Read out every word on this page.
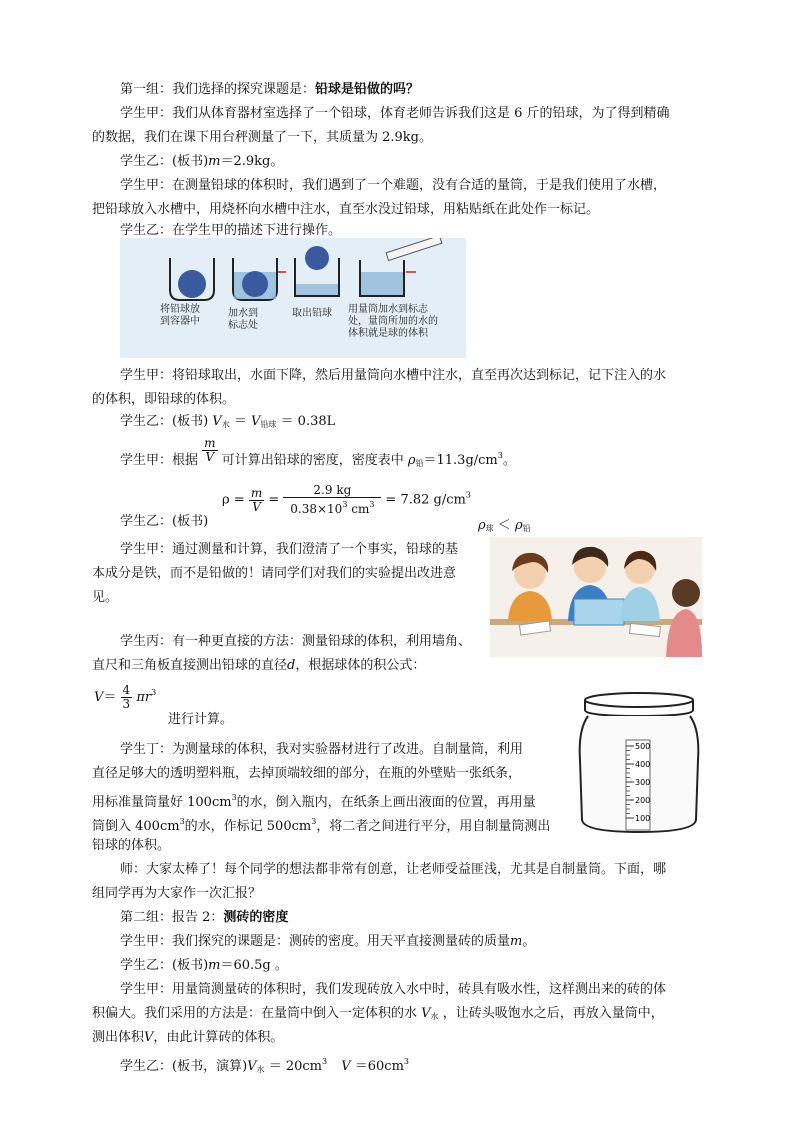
第一组：我们选择的探究课题是：铅球是铅做的吗？
学生甲：我们从体育器材室选择了一个铅球，体育老师告诉我们这是 6 斤的铅球，为了得到精确
的数据，我们在课下用台秤测量了一下，其质量为 2.9kg。
学生乙：(板书)m＝2.9kg。
学生甲：在测量铅球的体积时，我们遇到了一个难题，没有合适的量筒，于是我们使用了水槽，
把铅球放入水槽中，用烧杯向水槽中注水，直至水没过铅球，用粘贴纸在此处作一标记。
学生乙：在学生甲的描述下进行操作。
将铅球放
到容器中
加水到
标志处
取出铅球 用量筒加水到标志
处，量筒所加的水的
体积就是球的体积
学生甲：将铅球取出，水面下降，然后用量筒向水槽中注水，直至再次达到标记，记下注入的水
的体积，即铅球的体积。
学生乙：(板书) $V_水 = V_{铅球} = 0.38L$
学生甲：根据 $\frac{m}{V}$ 可计算出铅球的密度，密度表中 $\rho_铅=11.3g/cm^3$。
$\rho = \frac{m}{V} = \frac{2.9 kg}{0.38\times 10^3 cm^3} = 7.82$ $g/cm^3$
学生乙：(板书)	$\rho_球 < \rho_铅$
学生甲：通过测量和计算，我们澄清了一个事实，铅球的基
本成分是铁，而不是铅做的！请同学们对我们的实验提出改进意
见。
学生丙：有一种更直接的方法：测量铅球的体积，利用墙角、
直尺和三角板直接测出铅球的直径d，根据球体的积公式：
$V= \frac{4}{3} \pi r^3$
进行计算。
500
400
300
200
100
学生丁：为测量球的体积，我对实验器材进行了改进。自制量筒，利用
直径足够大的透明塑料瓶，去掉顶端较细的部分，在瓶的外壁贴一张纸条，
用标准量筒量好 $100cm^3$的水，倒入瓶内，在纸条上画出液面的位置，再用量
筒倒入 $400cm^3$的水，作标记 $500cm^3$，将二者之间进行平分，用自制量筒测出
铅球的体积。
师：大家太棒了！每个同学的想法都非常有创意，让老师受益匪浅，尤其是自制量筒。下面，哪
组同学再为大家作一次汇报？
第二组：报告 2：测砖的密度
学生甲：我们探究的课题是：测砖的密度。用天平直接测量砖的质量m。
学生乙：(板书)m＝60.5g 。
学生甲：用量筒测量砖的体积时，我们发现砖放入水中时，砖具有吸水性，这样测出来的砖的体
积偏大。我们采用的方法是：在量筒中倒入一定体积的水 $V_水$ ，让砖头吸饱水之后，再放入量筒中，
测出体积V，由此计算砖的体积。
学生乙：(板书，演算)$V_水 = 20cm^3$ $V =60cm^3$
